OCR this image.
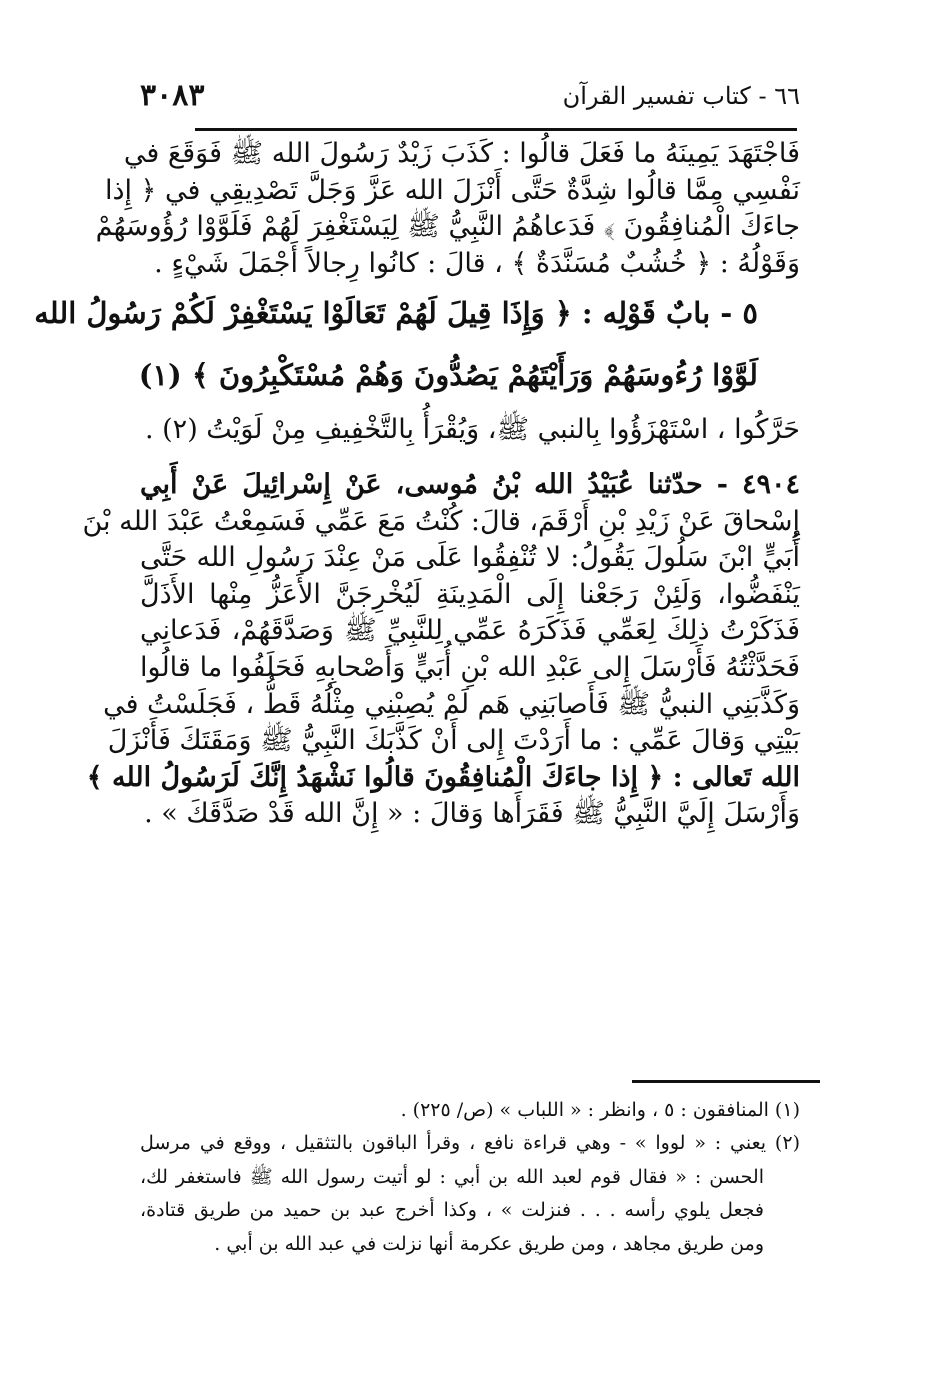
٦٦ - كتاب تفسير القرآن
٣٠٨٣

فَاجْتَهَدَ يَمِينَهُ ما فَعَلَ قالُوا : كَذَبَ زَيْدٌ رَسُولَ الله ﷺ فَوَقَعَ في

نَفْسِي مِمَّا قالُوا شِدَّةٌ حَتَّى أَنْزَلَ الله عَزَّ وَجَلَّ تَصْدِيقِي في ﴿ إِذا

جاءَكَ الْمُنافِقُونَ ﴾ فَدَعاهُمُ النَّبِيُّ ﷺ لِيَسْتَغْفِرَ لَهُمْ فَلَوَّوْا رُؤُوسَهُمْ

وَقَوْلُهُ : ﴿ خُشُبٌ مُسَنَّدَةٌ ﴾ ، قالَ : كانُوا رِجالاً أَجْمَلَ شَيْءٍ .

٥ - بابٌ قَوْلِه : ﴿ وَإِذَا قِيلَ لَهُمْ تَعَالَوْا يَسْتَغْفِرْ لَكُمْ رَسُولُ الله

لَوَّوْا رُءُوسَهُمْ وَرَأَيْتَهُمْ يَصُدُّونَ وَهُمْ مُسْتَكْبِرُونَ ﴾ (١)

حَرَّكُوا ، اسْتَهْزَؤُوا بِالنبي ﷺ، وَيُقْرَأُ بِالتَّخْفِيفِ مِنْ لَوَيْتُ (٢) .

٤٩٠٤ - حدّثنا عُبَيْدُ الله بْنُ مُوسى، عَنْ إِسْرائِيلَ عَنْ أَبِي

إِسْحاقَ عَنْ زَيْدِ بْنِ أَرْقَمَ، قالَ: كُنْتُ مَعَ عَمِّي فَسَمِعْتُ عَبْدَ الله بْنَ

أُبَيٍّ ابْنَ سَلُولَ يَقُولُ: لا تُنْفِقُوا عَلَى مَنْ عِنْدَ رَسُولِ الله حَتَّى

يَنْفَضُّوا، وَلَئِنْ رَجَعْنا إِلَى الْمَدِينَةِ لَيُخْرِجَنَّ الأَعَزُّ مِنْها الأَذَلَّ

فَذَكَرْتُ ذلِكَ لِعَمِّي فَذَكَرَهُ عَمِّي لِلنَّبِيِّ ﷺ وَصَدَّقَهُمْ، فَدَعانِي

فَحَدَّثْتُهُ فَأَرْسَلَ إِلى عَبْدِ الله بْنِ أُبَيٍّ وَأَصْحابِهِ فَحَلَفُوا ما قالُوا

وَكَذَّبَنِي النبيُّ ﷺ فَأَصابَنِي هَم لَمْ يُصِبْنِي مِثْلُهُ قَطُّ ، فَجَلَسْتُ في

بَيْتِي وَقالَ عَمِّي : ما أَرَدْتَ إِلى أَنْ كَذَّبَكَ النَّبِيُّ ﷺ وَمَقَتَكَ فَأَنْزَلَ

الله تَعالى : ﴿ إِذا جاءَكَ الْمُنافِقُونَ قالُوا نَشْهَدُ إِنَّكَ لَرَسُولُ الله ﴾

وَأَرْسَلَ إِلَيَّ النَّبِيُّ ﷺ فَقَرَأَها وَقالَ : « إِنَّ الله قَدْ صَدَّقَكَ » .

(١) المنافقون : ٥ ، وانظر : « اللباب » (ص/ ٢٢٥) .

(٢) يعني : « لووا » - وهي قراءة نافع ، وقرأ الباقون بالتثقيل ، ووقع في مرسل

الحسن : « فقال قوم لعبد الله بن أبي : لو أتيت رسول الله ﷺ فاستغفر لك،

فجعل يلوي رأسه . . . فنزلت » ، وكذا أخرج عبد بن حميد من طريق قتادة،

ومن طريق مجاهد ، ومن طريق عكرمة أنها نزلت في عبد الله بن أبي .
